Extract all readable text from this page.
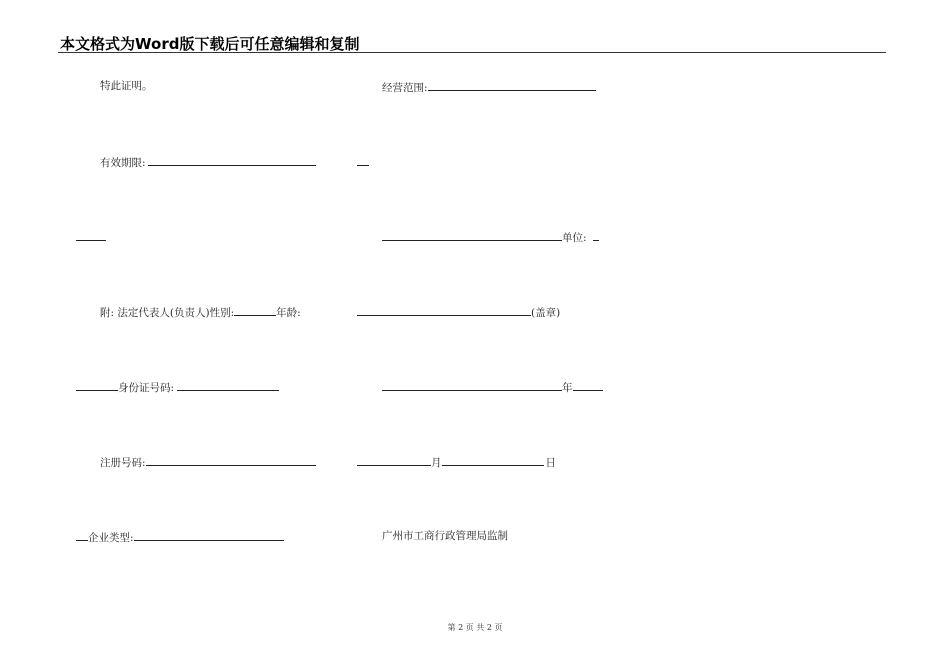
本文格式为Word版下载后可任意编辑和复制
特此证明。
有效期限:
附: 法定代表人(负责人)性别:	年龄:
身份证号码:
注册号码:
企业类型:
经营范围:
单位:
(盖章)
年
月	日
广州市工商行政管理局监制
第 2 页 共 2 页
